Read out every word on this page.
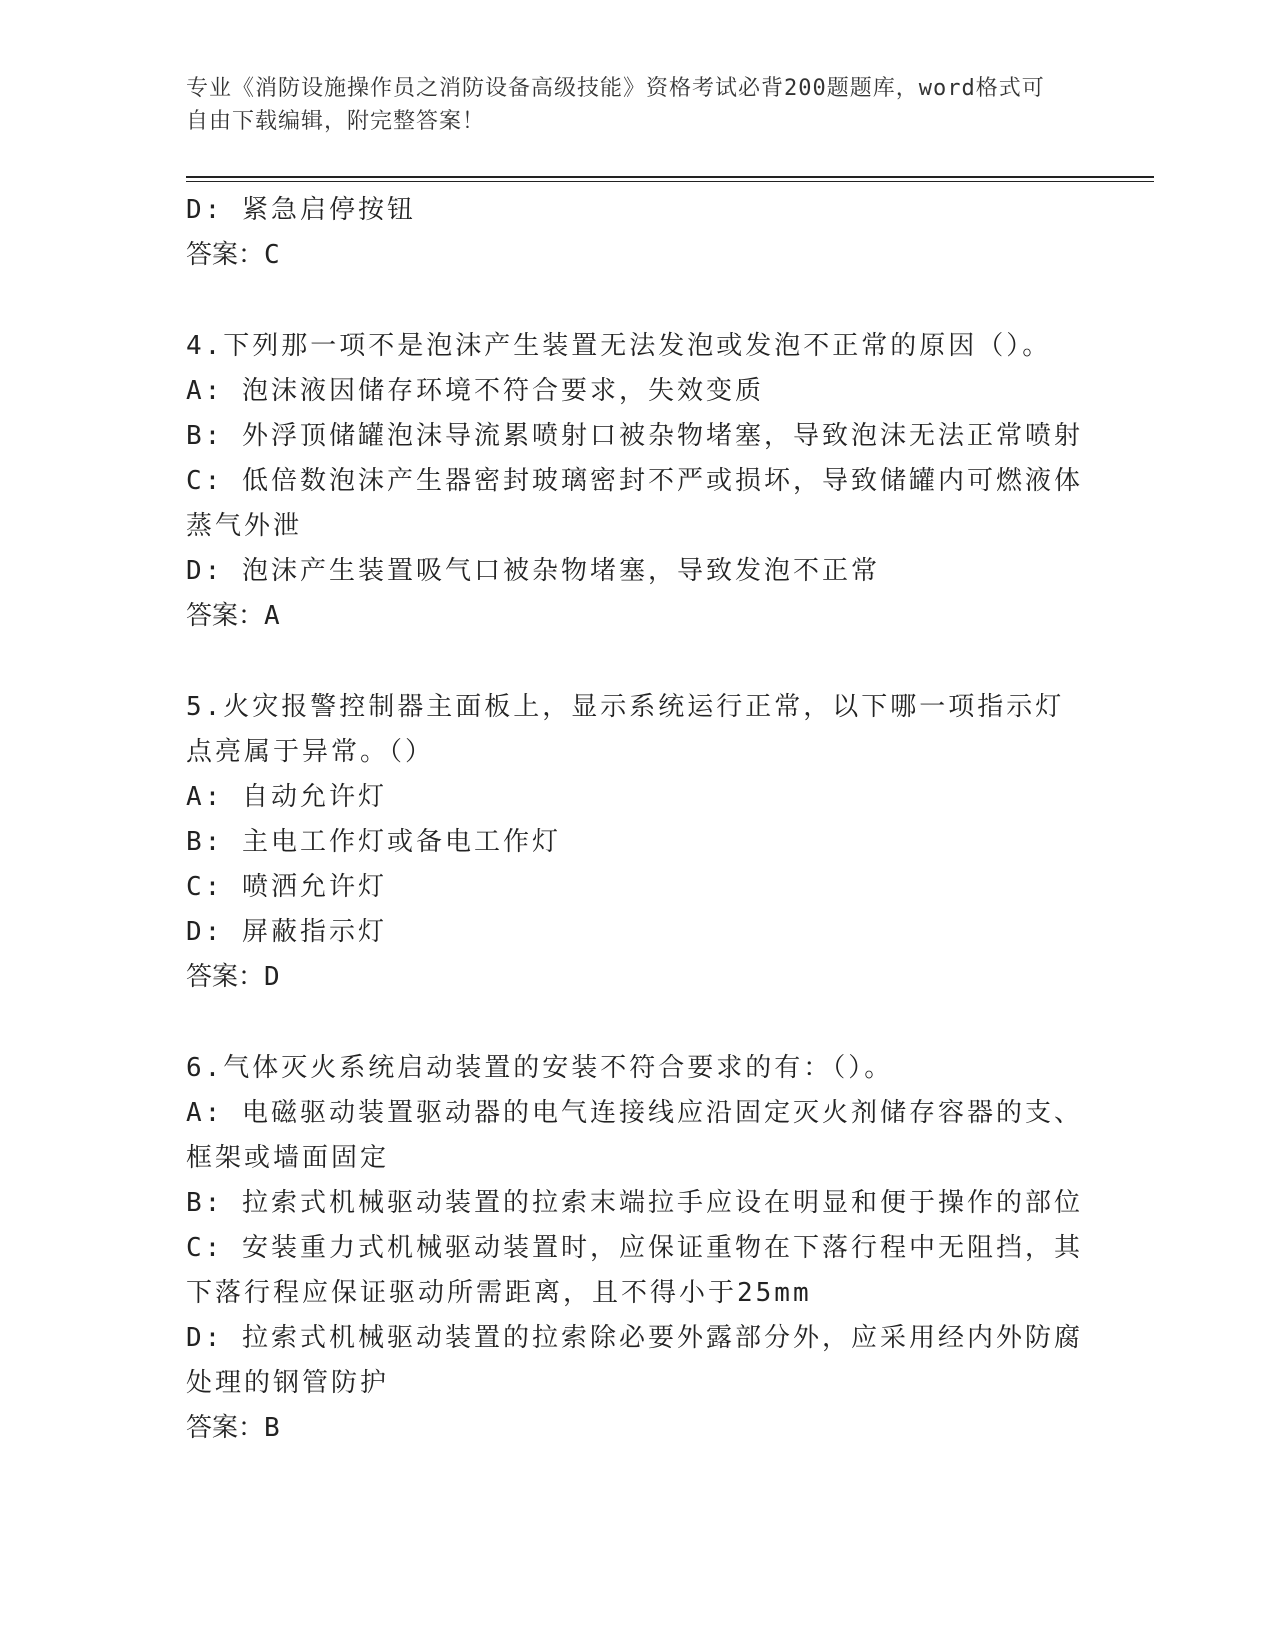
专业《消防设施操作员之消防设备高级技能》资格考试必背200题题库，word格式可自由下载编辑，附完整答案！
D: 紧急启停按钮
答案：C
4.下列那一项不是泡沫产生装置无法发泡或发泡不正常的原因（）。
A: 泡沫液因储存环境不符合要求，失效变质
B: 外浮顶储罐泡沫导流累喷射口被杂物堵塞，导致泡沫无法正常喷射
C: 低倍数泡沫产生器密封玻璃密封不严或损坏，导致储罐内可燃液体蒸气外泄
D: 泡沫产生装置吸气口被杂物堵塞，导致发泡不正常
答案：A
5.火灾报警控制器主面板上，显示系统运行正常，以下哪一项指示灯点亮属于异常。（）
A: 自动允许灯
B: 主电工作灯或备电工作灯
C: 喷洒允许灯
D: 屏蔽指示灯
答案：D
6.气体灭火系统启动装置的安装不符合要求的有：（）。
A: 电磁驱动装置驱动器的电气连接线应沿固定灭火剂储存容器的支、框架或墙面固定
B: 拉索式机械驱动装置的拉索末端拉手应设在明显和便于操作的部位
C: 安装重力式机械驱动装置时，应保证重物在下落行程中无阻挡，其下落行程应保证驱动所需距离，且不得小于25mm
D: 拉索式机械驱动装置的拉索除必要外露部分外，应采用经内外防腐处理的钢管防护
答案：B
